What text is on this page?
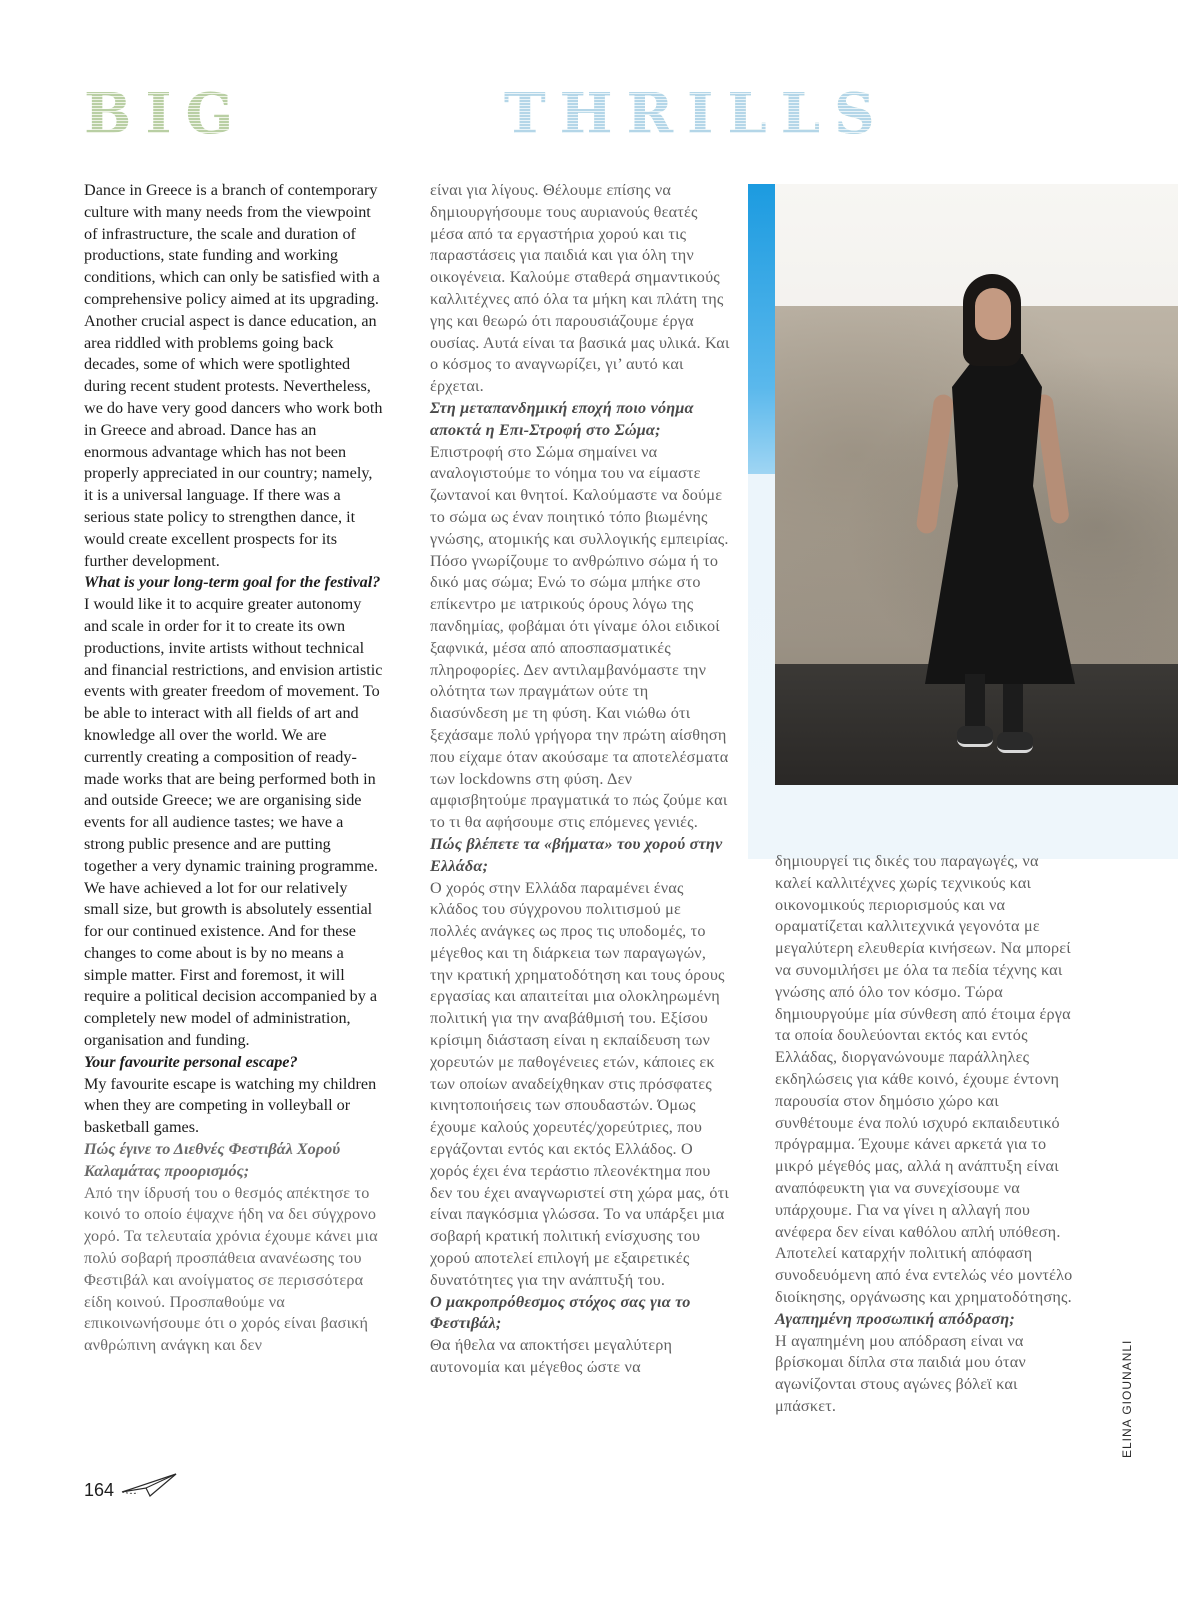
BIG	THRILLS

Dance in Greece is a branch of contemporary culture with many needs from the viewpoint of infrastructure, the scale and duration of productions, state funding and working conditions, which can only be satisfied with a comprehensive policy aimed at its upgrading. Another crucial aspect is dance education, an area riddled with problems going back decades, some of which were spotlighted during recent student protests. Nevertheless, we do have very good dancers who work both in Greece and abroad. Dance has an enormous advantage which has not been properly appreciated in our country; namely, it is a universal language. If there was a serious state policy to strengthen dance, it would create excellent prospects for its further development.

What is your long-term goal for the festival?

I would like it to acquire greater autonomy and scale in order for it to create its own productions, invite artists without technical and financial restrictions, and envision artistic events with greater freedom of movement. To be able to interact with all fields of art and knowledge all over the world. We are currently creating a composition of ready-made works that are being performed both in and outside Greece; we are organising side events for all audience tastes; we have a strong public presence and are putting together a very dynamic training programme. We have achieved a lot for our relatively small size, but growth is absolutely essential for our continued existence. And for these changes to come about is by no means a simple matter. First and foremost, it will require a political decision accompanied by a completely new model of administration, organisation and funding.

Your favourite personal escape?

My favourite escape is watching my children when they are competing in volleyball or basketball games.

Πώς έγινε το Διεθνές Φεστιβάλ Χορού Καλαμάτας προορισμός;

Από την ίδρυσή του ο θεσμός απέκτησε το κοινό το οποίο έψαχνε ήδη να δει σύγχρονο χορό. Τα τελευταία χρόνια έχουμε κάνει μια πολύ σοβαρή προσπάθεια ανανέωσης του Φεστιβάλ και ανοίγματος σε περισσότερα είδη κοινού. Προσπαθούμε να επικοινωνήσουμε ότι ο χορός είναι βασική ανθρώπινη ανάγκη και δεν

είναι για λίγους. Θέλουμε επίσης να δημιουργήσουμε τους αυριανούς θεατές μέσα από τα εργαστήρια χορού και τις παραστάσεις για παιδιά και για όλη την οικογένεια. Καλούμε σταθερά σημαντικούς καλλιτέχνες από όλα τα μήκη και πλάτη της γης και θεωρώ ότι παρουσιάζουμε έργα ουσίας. Αυτά είναι τα βασικά μας υλικά. Και ο κόσμος το αναγνωρίζει, γι’ αυτό και έρχεται.

Στη μεταπανδημική εποχή ποιο νόημα αποκτά η Επι-Στροφή στο Σώμα;

Επιστροφή στο Σώμα σημαίνει να αναλογιστούμε το νόημα του να είμαστε ζωντανοί και θνητοί. Καλούμαστε να δούμε το σώμα ως έναν ποιητικό τόπο βιωμένης γνώσης, ατομικής και συλλογικής εμπειρίας. Πόσο γνωρίζουμε το ανθρώπινο σώμα ή το δικό μας σώμα; Ενώ το σώμα μπήκε στο επίκεντρο με ιατρικούς όρους λόγω της πανδημίας, φοβάμαι ότι γίναμε όλοι ειδικοί ξαφνικά, μέσα από αποσπασματικές πληροφορίες. Δεν αντιλαμβανόμαστε την ολότητα των πραγμάτων ούτε τη διασύνδεση με τη φύση. Και νιώθω ότι ξεχάσαμε πολύ γρήγορα την πρώτη αίσθηση που είχαμε όταν ακούσαμε τα αποτελέσματα των lockdowns στη φύση. Δεν αμφισβητούμε πραγματικά το πώς ζούμε και το τι θα αφήσουμε στις επόμενες γενιές.

Πώς βλέπετε τα «βήματα» του χορού στην Ελλάδα;

Ο χορός στην Ελλάδα παραμένει ένας κλάδος του σύγχρονου πολιτισμού με πολλές ανάγκες ως προς τις υποδομές, το μέγεθος και τη διάρκεια των παραγωγών, την κρατική χρηματοδότηση και τους όρους εργασίας και απαιτείται μια ολοκληρωμένη πολιτική για την αναβάθμισή του. Εξίσου κρίσιμη διάσταση είναι η εκπαίδευση των χορευτών με παθογένειες ετών, κάποιες εκ των οποίων αναδείχθηκαν στις πρόσφατες κινητοποιήσεις των σπουδαστών. Όμως έχουμε καλούς χορευτές/χορεύτριες, που εργάζονται εντός και εκτός Ελλάδος. Ο χορός έχει ένα τεράστιο πλεονέκτημα που δεν του έχει αναγνωριστεί στη χώρα μας, ότι είναι παγκόσμια γλώσσα. Το να υπάρξει μια σοβαρή κρατική πολιτική ενίσχυσης του χορού αποτελεί επιλογή με εξαιρετικές δυνατότητες για την ανάπτυξή του.

Ο μακροπρόθεσμος στόχος σας για το Φεστιβάλ;

Θα ήθελα να αποκτήσει μεγαλύτερη αυτονομία και μέγεθος ώστε να

δημιουργεί τις δικές του παραγωγές, να καλεί καλλιτέχνες χωρίς τεχνικούς και οικονομικούς περιορισμούς και να οραματίζεται καλλιτεχνικά γεγονότα με μεγαλύτερη ελευθερία κινήσεων. Να μπορεί να συνομιλήσει με όλα τα πεδία τέχνης και γνώσης από όλο τον κόσμο. Τώρα δημιουργούμε μία σύνθεση από έτοιμα έργα τα οποία δουλεύονται εκτός και εντός Ελλάδας, διοργανώνουμε παράλληλες εκδηλώσεις για κάθε κοινό, έχουμε έντονη παρουσία στον δημόσιο χώρο και συνθέτουμε ένα πολύ ισχυρό εκπαιδευτικό πρόγραμμα. Έχουμε κάνει αρκετά για το μικρό μέγεθός μας, αλλά η ανάπτυξη είναι αναπόφευκτη για να συνεχίσουμε να υπάρχουμε. Για να γίνει η αλλαγή που ανέφερα δεν είναι καθόλου απλή υπόθεση. Αποτελεί καταρχήν πολιτική απόφαση συνοδευόμενη από ένα εντελώς νέο μοντέλο διοίκησης, οργάνωσης και χρηματοδότησης.

Αγαπημένη προσωπική απόδραση;

Η αγαπημένη μου απόδραση είναι να βρίσκομαι δίπλα στα παιδιά μου όταν αγωνίζονται στους αγώνες βόλεϊ και μπάσκετ.	ELINA GIOUNANLI
164
